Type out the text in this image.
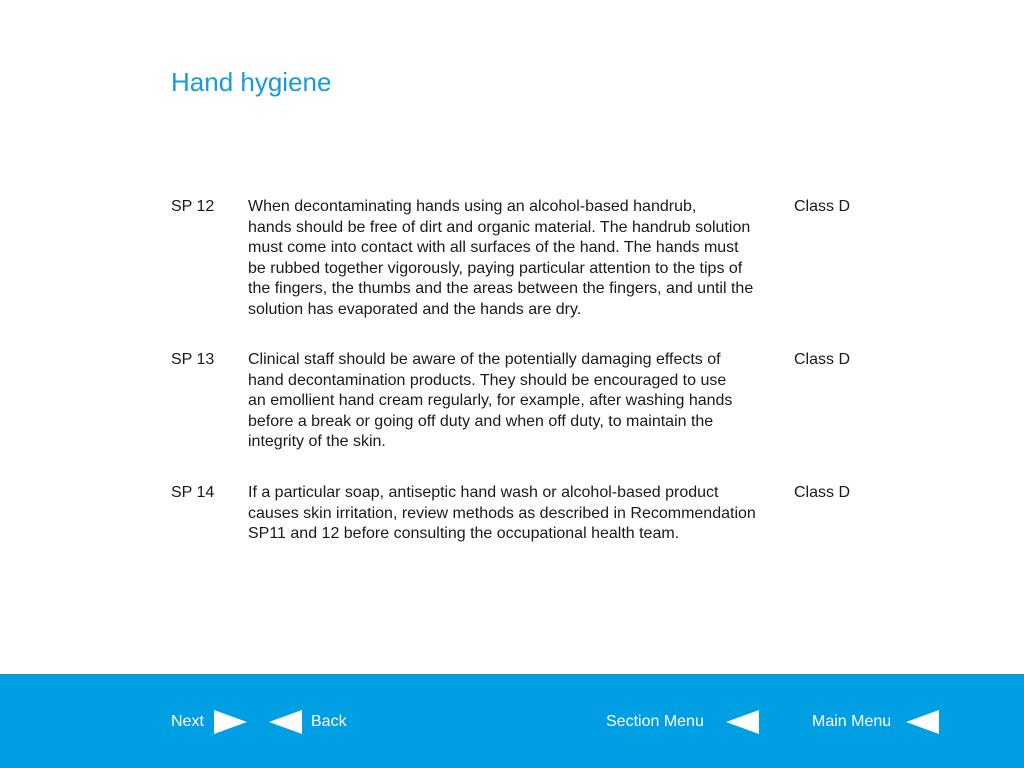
Hand hygiene
SP 12 When decontaminating hands using an alcohol-based handrub,
hands should be free of dirt and organic material. The handrub solution
must come into contact with all surfaces of the hand. The hands must
be rubbed together vigorously, paying particular attention to the tips of
the fingers, the thumbs and the areas between the fingers, and until the
solution has evaporated and the hands are dry.
Class D
SP 13 Clinical staff should be aware of the potentially damaging effects of
hand decontamination products. They should be encouraged to use
an emollient hand cream regularly, for example, after washing hands
before a break or going off duty and when off duty, to maintain the
integrity of the skin.
Class D
SP 14 If a particular soap, antiseptic hand wash or alcohol-based product
causes skin irritation, review methods as described in Recommendation
SP11 and 12 before consulting the occupational health team.
Class D
Next	Back	Section Menu	Main Menu
